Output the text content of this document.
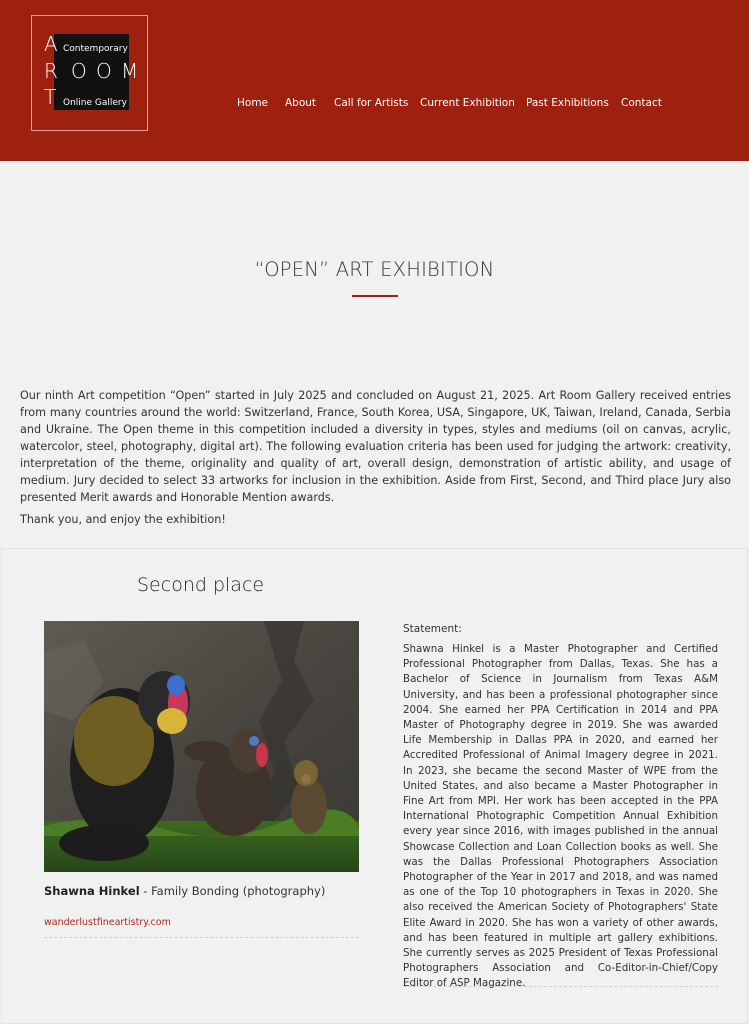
A
R O O M
T
Contemporary
Online Gallery	Home About Call for Artists Current Exhibition Past Exhibitions Contact
“OPEN” ART EXHIBITION

Our ninth Art competition “Open” started in July 2025 and concluded on August 21, 2025. Art Room Gallery received entries from many countries around the world: Switzerland, France, South Korea, USA, Singapore, UK, Taiwan, Ireland, Canada, Serbia and Ukraine. The Open theme in this competition included a diversity in types, styles and mediums (oil on canvas, acrylic, watercolor, steel, photography, digital art). The following evaluation criteria has been used for judging the artwork: creativity, interpretation of the theme, originality and quality of art, overall design, demonstration of artistic ability, and usage of medium. Jury decided to select 33 artworks for inclusion in the exhibition. Aside from First, Second, and Third place Jury also presented Merit awards and Honorable Mention awards.

Thank you, and enjoy the exhibition!

Second place
Shawna Hinkel - Family Bonding (photography)
wanderlustfineartistry.com
Statement:

Shawna Hinkel is a Master Photographer and Certified Professional Photographer from Dallas, Texas. She has a Bachelor of Science in Journalism from Texas A&M University, and has been a professional photographer since 2004. She earned her PPA Certification in 2014 and PPA Master of Photography degree in 2019. She was awarded Life Membership in Dallas PPA in 2020, and earned her Accredited Professional of Animal Imagery degree in 2021. In 2023, she became the second Master of WPE from the United States, and also became a Master Photographer in Fine Art from MPI. Her work has been accepted in the PPA International Photographic Competition Annual Exhibition every year since 2016, with images published in the annual Showcase Collection and Loan Collection books as well. She was the Dallas Professional Photographers Association Photographer of the Year in 2017 and 2018, and was named as one of the Top 10 photographers in Texas in 2020. She also received the American Society of Photographers' State Elite Award in 2020. She has won a variety of other awards, and has been featured in multiple art gallery exhibitions. She currently serves as 2025 President of Texas Professional Photographers Association and Co-Editor-in-Chief/Copy Editor of ASP Magazine.
